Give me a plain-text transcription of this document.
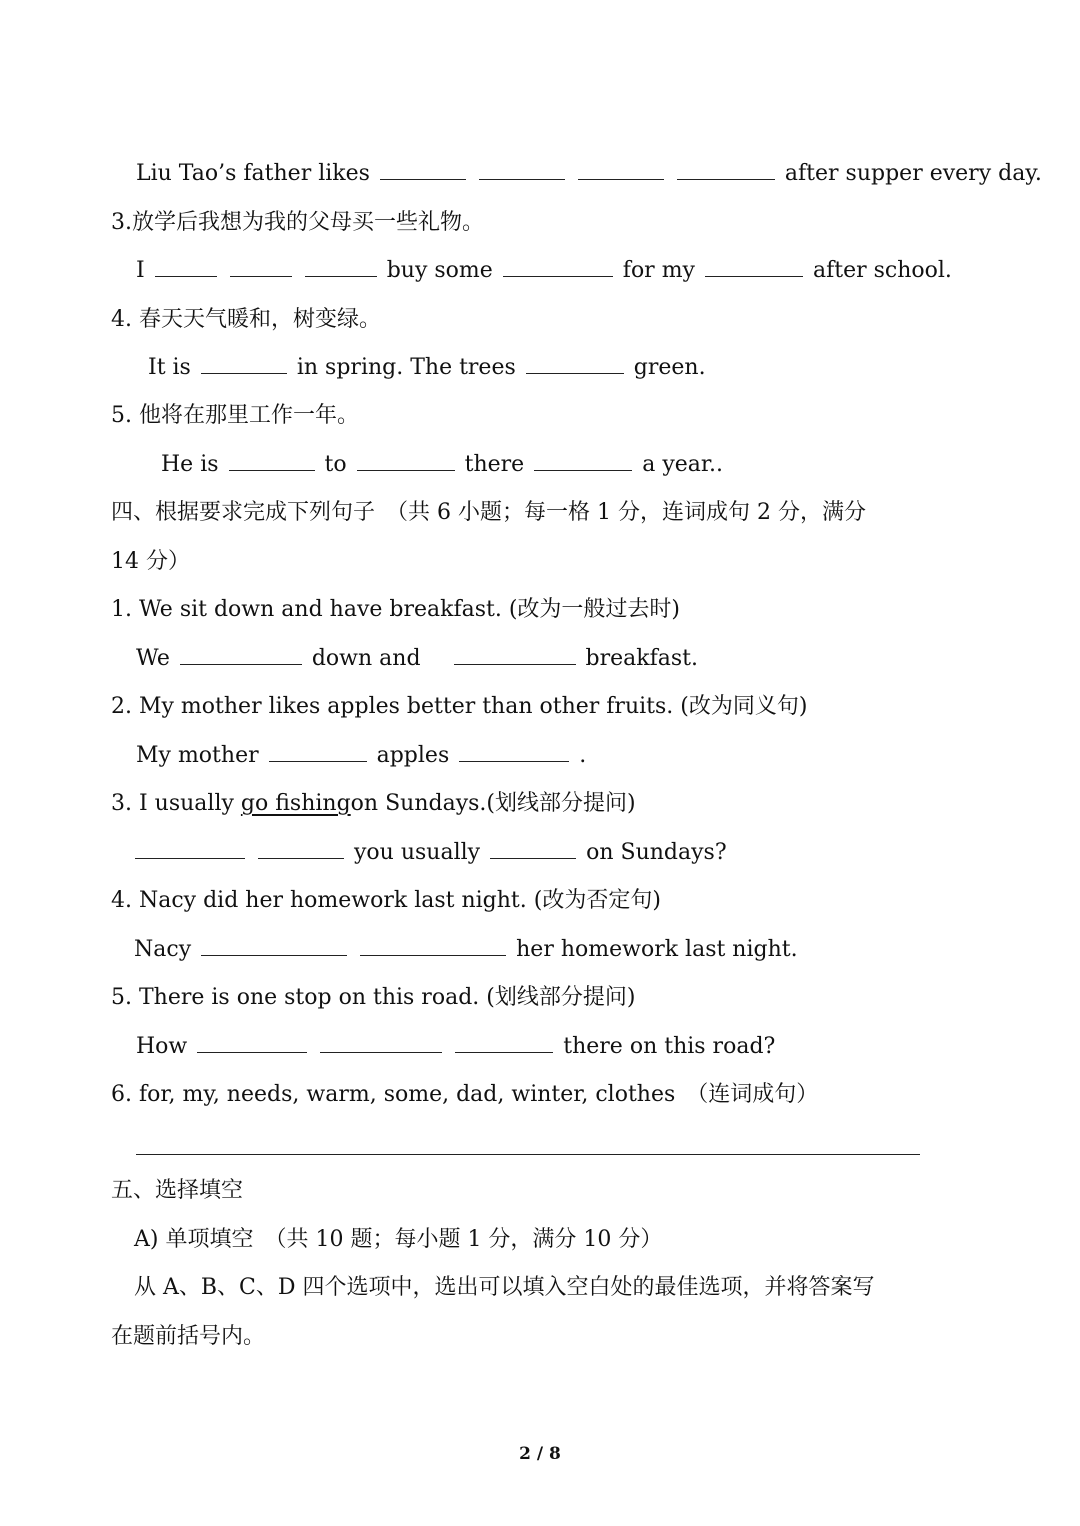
Liu Tao’s father likes	after supper every day.
3.放学后我想为我的父母买一些礼物。
I	buy some	for my	after school.
4. 春天天气暖和，树变绿。
It is	in spring. The trees	green.
5. 他将在那里工作一年。
He is	to	there	a year..
四、根据要求完成下列句子　（共 6 小题；每一格 1 分，连词成句 2 分，满分
14 分）
1. We sit down and have breakfast. (改为一般过去时)
We	down and	breakfast.
2. My mother likes apples better than other fruits. (改为同义句)
My mother	apples	.
3. I usually go fishingon Sundays.(划线部分提问)
you usually	on Sundays?
4. Nacy did her homework last night. (改为否定句)
Nacy	her homework last night.
5. There is one stop on this road. (划线部分提问)
How	there on this road?
6. for, my, needs, warm, some, dad, winter, clothes　（连词成句）
五、选择填空
A) 单项填空　（共 10 题；每小题 1 分，满分 10 分）
从 A、B、C、D 四个选项中，选出可以填入空白处的最佳选项，并将答案写
在题前括号内。
2 / 8
